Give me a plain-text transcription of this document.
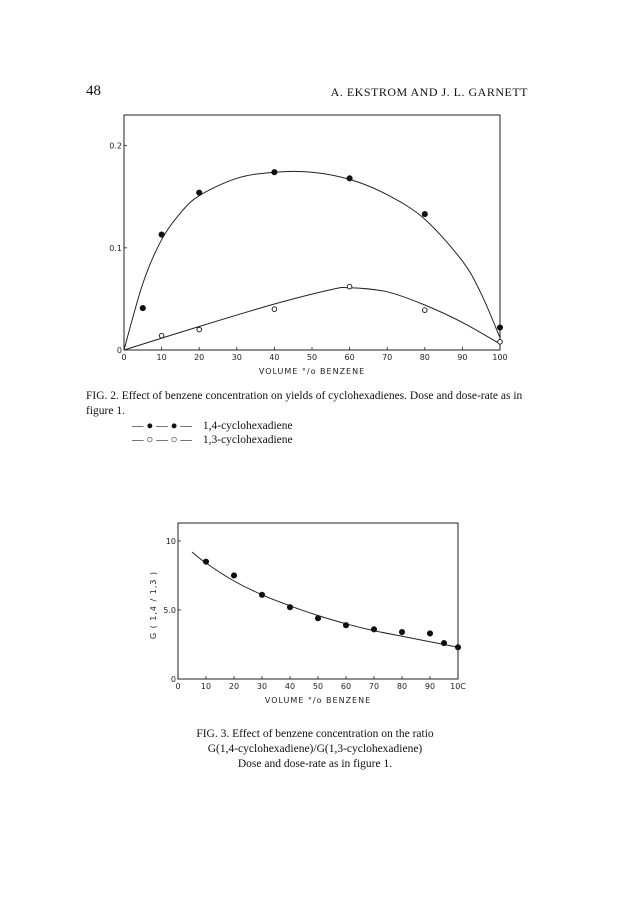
48	A. EKSTROM AND J. L. GARNETT
0	10	20	30	40	50	60	70	80	90	100
0
0.1
0.2
VOLUME °/o BENZENE
FIG. 2. Effect of benzene concentration on yields of cyclohexadienes. Dose and dose-rate as in figure 1.
— ● — ● — 1,4-cyclohexadiene
— ○ — ○ — 1,3-cyclohexadiene
0	10 20 30 40 50 60 70 80 90 10C
0
5.0
10
VOLUME °/o BENZENE
G ( 1,4 / 1,3 )
FIG. 3. Effect of benzene concentration on the ratio
G(1,4-cyclohexadiene)/G(1,3-cyclohexadiene)
Dose and dose-rate as in figure 1.
